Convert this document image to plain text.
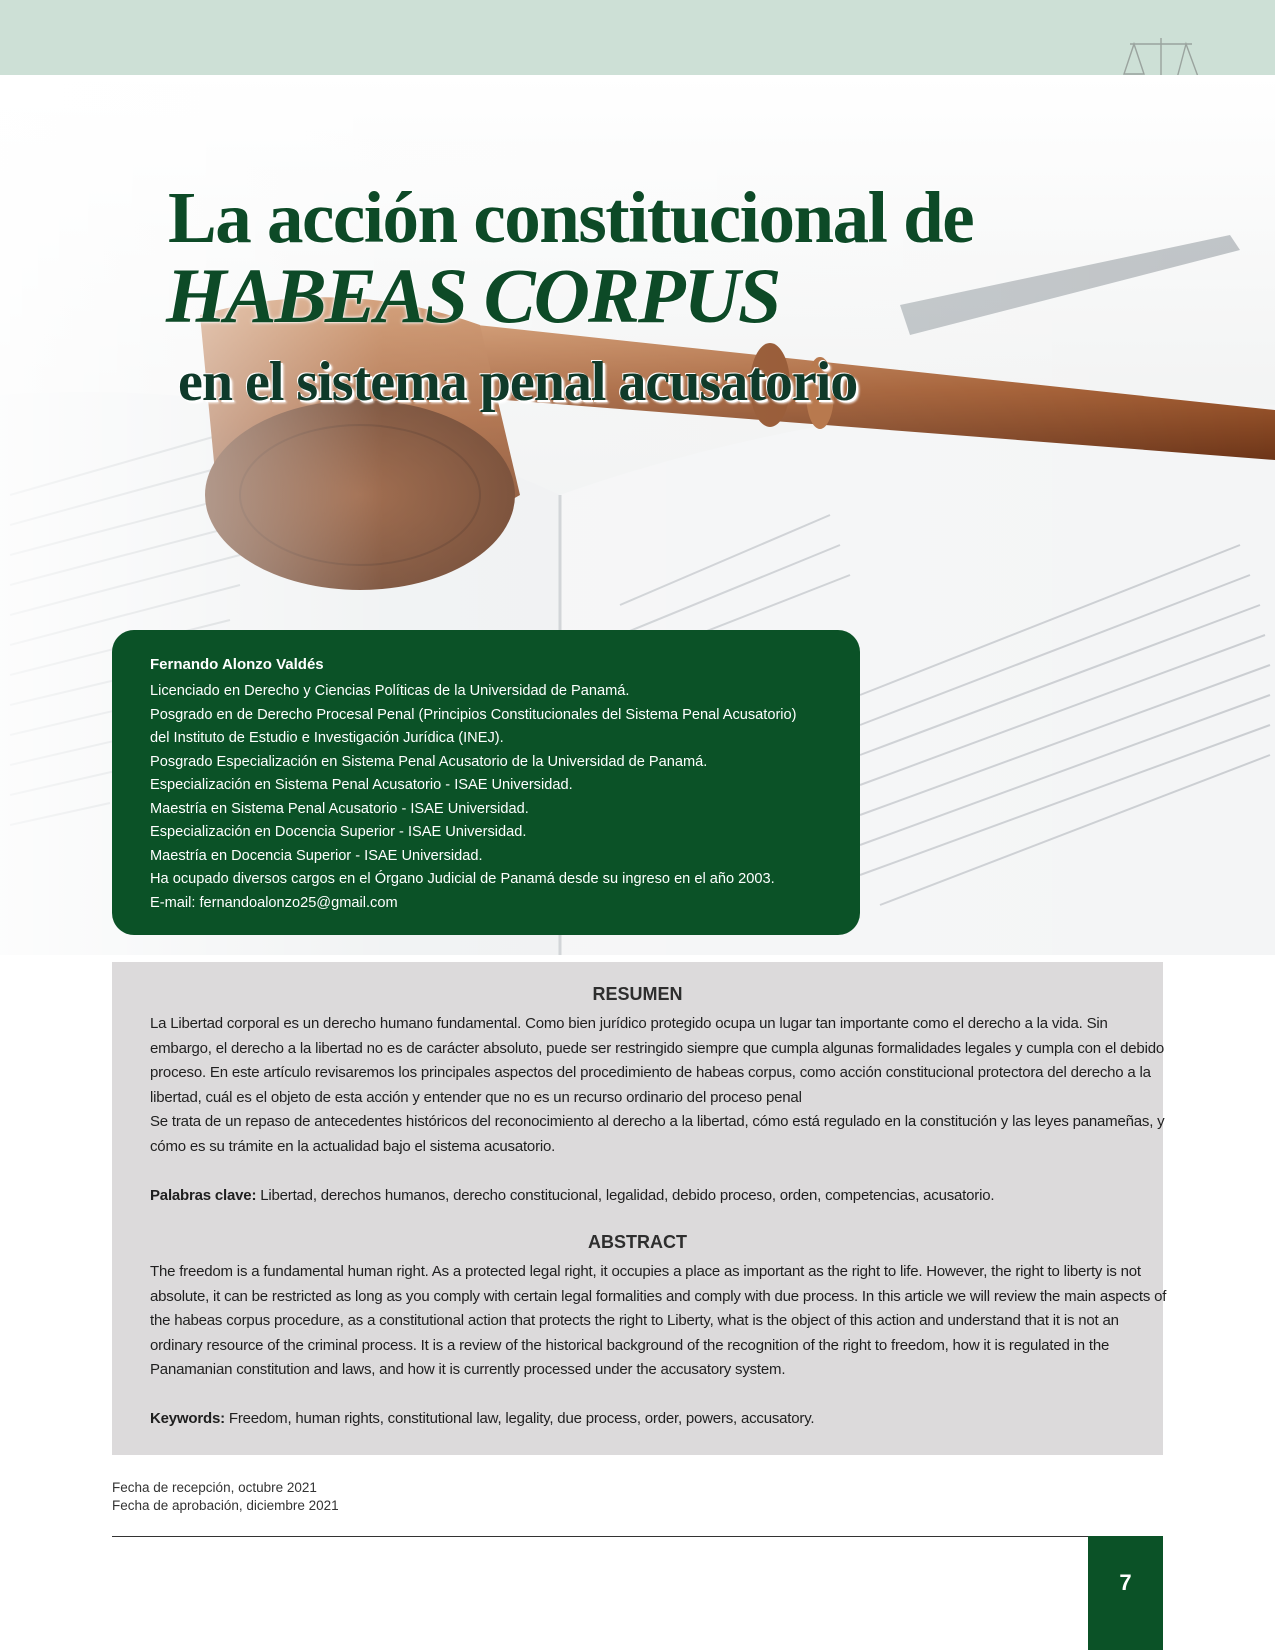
La acción constitucional de
HABEAS CORPUS
en el sistema penal acusatorio
Fernando Alonzo Valdés
Licenciado en Derecho y Ciencias Políticas de la Universidad de Panamá.
Posgrado en de Derecho Procesal Penal (Principios Constitucionales del Sistema Penal Acusatorio)
del Instituto de Estudio e Investigación Jurídica (INEJ).
Posgrado Especialización en Sistema Penal Acusatorio de la Universidad de Panamá.
Especialización en Sistema Penal Acusatorio - ISAE Universidad.
Maestría en Sistema Penal Acusatorio - ISAE Universidad.
Especialización en Docencia Superior - ISAE Universidad.
Maestría en Docencia Superior - ISAE Universidad.
Ha ocupado diversos cargos en el Órgano Judicial de Panamá desde su ingreso en el año 2003.
E-mail: fernandoalonzo25@gmail.com
RESUMEN
La Libertad corporal es un derecho humano fundamental. Como bien jurídico protegido ocupa un lugar tan importante como el derecho a la vida. Sin
embargo, el derecho a la libertad no es de carácter absoluto, puede ser restringido siempre que cumpla algunas formalidades legales y cumpla con el debido
proceso. En este artículo revisaremos los principales aspectos del procedimiento de habeas corpus, como acción constitucional protectora del derecho a la
libertad, cuál es el objeto de esta acción y entender que no es un recurso ordinario del proceso penal
Se trata de un repaso de antecedentes históricos del reconocimiento al derecho a la libertad, cómo está regulado en la constitución y las leyes panameñas, y
cómo es su trámite en la actualidad bajo el sistema acusatorio.
Palabras clave: Libertad, derechos humanos, derecho constitucional, legalidad, debido proceso, orden, competencias, acusatorio.
ABSTRACT
The freedom is a fundamental human right. As a protected legal right, it occupies a place as important as the right to life. However, the right to liberty is not
absolute, it can be restricted as long as you comply with certain legal formalities and comply with due process. In this article we will review the main aspects of
the habeas corpus procedure, as a constitutional action that protects the right to Liberty, what is the object of this action and understand that it is not an
ordinary resource of the criminal process. It is a review of the historical background of the recognition of the right to freedom, how it is regulated in the
Panamanian constitution and laws, and how it is currently processed under the accusatory system.
Keywords: Freedom, human rights, constitutional law, legality, due process, order, powers, accusatory.
Fecha de recepción, octubre 2021
Fecha de aprobación, diciembre 2021
7
